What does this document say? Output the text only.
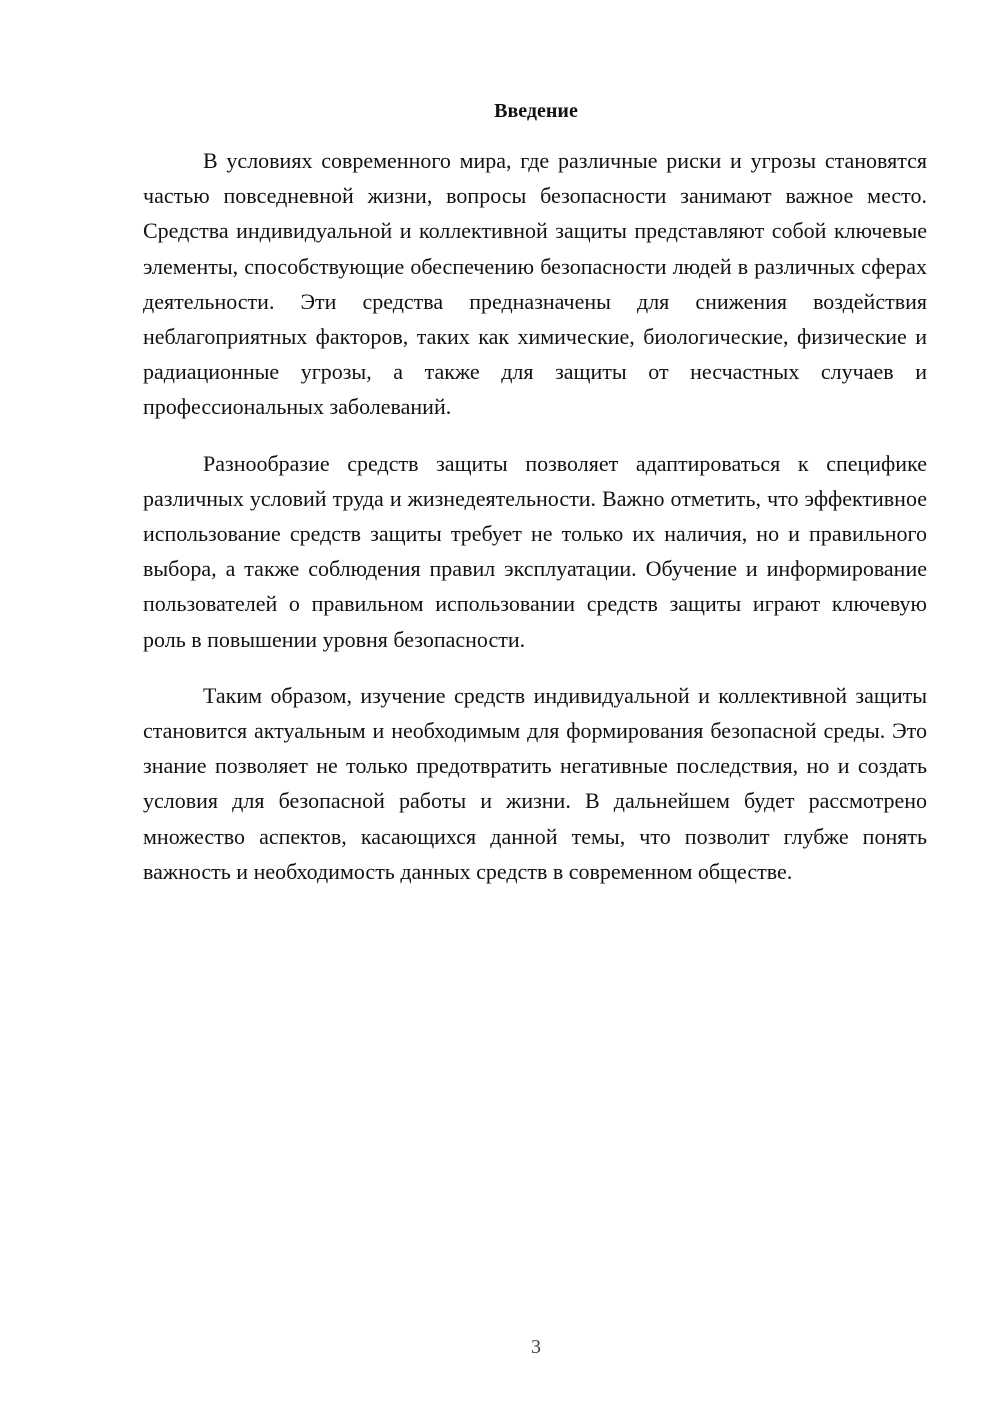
Введение

В условиях современного мира, где различные риски и угрозы становятся частью повседневной жизни, вопросы безопасности занимают важное место. Средства индивидуальной и коллективной защиты представляют собой ключевые элементы, способствующие обеспечению безопасности людей в различных сферах деятельности. Эти средства предназначены для снижения воздействия неблагоприятных факторов, таких как химические, биологические, физические и радиационные угрозы, а также для защиты от несчастных случаев и профессиональных заболеваний.

Разнообразие средств защиты позволяет адаптироваться к специфике различных условий труда и жизнедеятельности. Важно отметить, что эффективное использование средств защиты требует не только их наличия, но и правильного выбора, а также соблюдения правил эксплуатации. Обучение и информирование пользователей о правильном использовании средств защиты играют ключевую роль в повышении уровня безопасности.

Таким образом, изучение средств индивидуальной и коллективной защиты становится актуальным и необходимым для формирования безопасной среды. Это знание позволяет не только предотвратить негативные последствия, но и создать условия для безопасной работы и жизни. В дальнейшем будет рассмотрено множество аспектов, касающихся данной темы, что позволит глубже понять важность и необходимость данных средств в современном обществе.

3
